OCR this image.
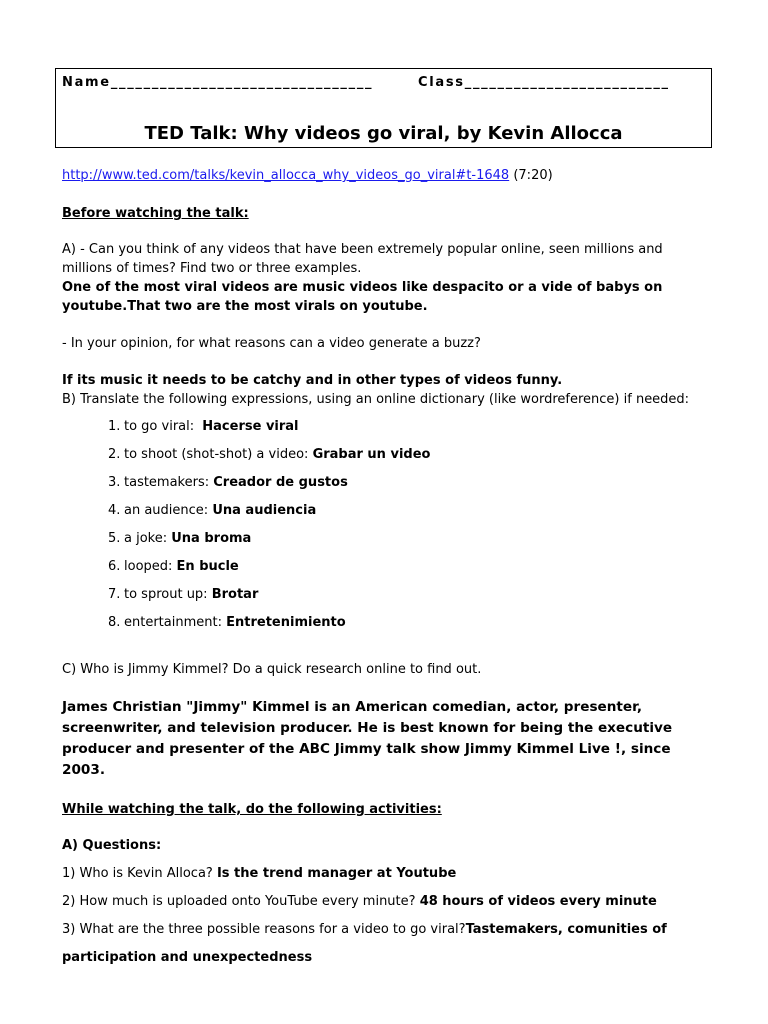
Name________________________________	Class_________________________
TED Talk: Why videos go viral, by Kevin Allocca
http://www.ted.com/talks/kevin_allocca_why_videos_go_viral#t-1648 (7:20)
Before watching the talk:
A) - Can you think of any videos that have been extremely popular online, seen millions and
millions of times? Find two or three examples.
One of the most viral videos are music videos like despacito or a vide of babys on
youtube.That two are the most virals on youtube.
- In your opinion, for what reasons can a video generate a buzz?
If its music it needs to be catchy and in other types of videos funny.
B) Translate the following expressions, using an online dictionary (like wordreference) if needed:
1. to go viral: Hacerse viral
2. to shoot (shot-shot) a video: Grabar un video
3. tastemakers: Creador de gustos
4. an audience: Una audiencia
5. a joke: Una broma
6. looped: En bucle
7. to sprout up: Brotar
8. entertainment: Entretenimiento
C) Who is Jimmy Kimmel? Do a quick research online to find out.
James Christian "Jimmy" Kimmel is an American comedian, actor, presenter,
screenwriter, and television producer. He is best known for being the executive
producer and presenter of the ABC Jimmy talk show Jimmy Kimmel Live !, since
2003.
While watching the talk, do the following activities:
A) Questions:
1) Who is Kevin Alloca? Is the trend manager at Youtube
2) How much is uploaded onto YouTube every minute? 48 hours of videos every minute
3) What are the three possible reasons for a video to go viral?Tastemakers, comunities of participation and unexpectedness
